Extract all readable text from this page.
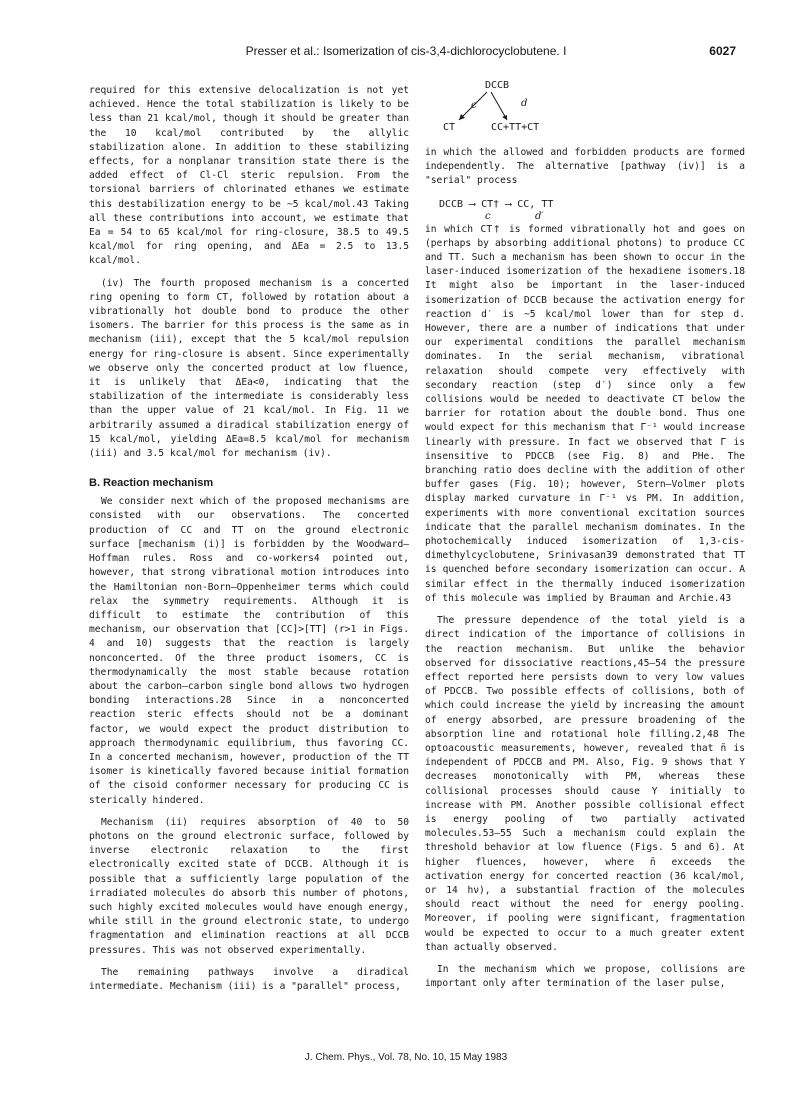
Presser et al.: Isomerization of cis-3,4-dichlorocyclobutene. I	6027

required for this extensive delocalization is not yet achieved. Hence the total stabilization is likely to be less than 21 kcal/mol, though it should be greater than the 10 kcal/mol contributed by the allylic stabilization alone. In addition to these stabilizing effects, for a nonplanar transition state there is the added effect of Cl-Cl steric repulsion. From the torsional barriers of chlorinated ethanes we estimate this destabilization energy to be ~5 kcal/mol.43 Taking all these contributions into account, we estimate that Ea = 54 to 65 kcal/mol for ring-closure, 38.5 to 49.5 kcal/mol for ring opening, and ΔEa = 2.5 to 13.5 kcal/mol.

(iv) The fourth proposed mechanism is a concerted ring opening to form CT, followed by rotation about a vibrationally hot double bond to produce the other isomers. The barrier for this process is the same as in mechanism (iii), except that the 5 kcal/mol repulsion energy for ring-closure is absent. Since experimentally we observe only the concerted product at low fluence, it is unlikely that ΔEa<0, indicating that the stabilization of the intermediate is considerably less than the upper value of 21 kcal/mol. In Fig. 11 we arbitrarily assumed a diradical stabilization energy of 15 kcal/mol, yielding ΔEa=8.5 kcal/mol for mechanism (iii) and 3.5 kcal/mol for mechanism (iv).

B. Reaction mechanism

We consider next which of the proposed mechanisms are consisted with our observations. The concerted production of CC and TT on the ground electronic surface [mechanism (i)] is forbidden by the Woodward–Hoffman rules. Ross and co-workers4 pointed out, however, that strong vibrational motion introduces into the Hamiltonian non-Born–Oppenheimer terms which could relax the symmetry requirements. Although it is difficult to estimate the contribution of this mechanism, our observation that [CC]>[TT] (r>1 in Figs. 4 and 10) suggests that the reaction is largely nonconcerted. Of the three product isomers, CC is thermodynamically the most stable because rotation about the carbon–carbon single bond allows two hydrogen bonding interactions.28 Since in a nonconcerted reaction steric effects should not be a dominant factor, we would expect the product distribution to approach thermodynamic equilibrium, thus favoring CC. In a concerted mechanism, however, production of the TT isomer is kinetically favored because initial formation of the cisoid conformer necessary for producing CC is sterically hindered.

Mechanism (ii) requires absorption of 40 to 50 photons on the ground electronic surface, followed by inverse electronic relaxation to the first electronically excited state of DCCB. Although it is possible that a sufficiently large population of the irradiated molecules do absorb this number of photons, such highly excited molecules would have enough energy, while still in the ground electronic state, to undergo fragmentation and elimination reactions at all DCCB pressures. This was not observed experimentally.

The remaining pathways involve a diradical intermediate. Mechanism (iii) is a "parallel" process,

DCCB
c	d
CT	CC+TT+CT

in which the allowed and forbidden products are formed independently. The alternative [pathway (iv)] is a "serial" process

DCCB ⟶ CT† ⟶ CC, TT
c	d′

in which CT† is formed vibrationally hot and goes on (perhaps by absorbing additional photons) to produce CC and TT. Such a mechanism has been shown to occur in the laser-induced isomerization of the hexadiene isomers.18 It might also be important in the laser-induced isomerization of DCCB because the activation energy for reaction d′ is ~5 kcal/mol lower than for step d. However, there are a number of indications that under our experimental conditions the parallel mechanism dominates. In the serial mechanism, vibrational relaxation should compete very effectively with secondary reaction (step d′) since only a few collisions would be needed to deactivate CT below the barrier for rotation about the double bond. Thus one would expect for this mechanism that Γ⁻¹ would increase linearly with pressure. In fact we observed that Γ is insensitive to PDCCB (see Fig. 8) and PHe. The branching ratio does decline with the addition of other buffer gases (Fig. 10); however, Stern–Volmer plots display marked curvature in Γ⁻¹ vs PM. In addition, experiments with more conventional excitation sources indicate that the parallel mechanism dominates. In the photochemically induced isomerization of 1,3-cis-dimethylcyclobutene, Srinivasan39 demonstrated that TT is quenched before secondary isomerization can occur. A similar effect in the thermally induced isomerization of this molecule was implied by Brauman and Archie.43

The pressure dependence of the total yield is a direct indication of the importance of collisions in the reaction mechanism. But unlike the behavior observed for dissociative reactions,45–54 the pressure effect reported here persists down to very low values of PDCCB. Two possible effects of collisions, both of which could increase the yield by increasing the amount of energy absorbed, are pressure broadening of the absorption line and rotational hole filling.2,48 The optoacoustic measurements, however, revealed that n̄ is independent of PDCCB and PM. Also, Fig. 9 shows that Y decreases monotonically with PM, whereas these collisional processes should cause Y initially to increase with PM. Another possible collisional effect is energy pooling of two partially activated molecules.53–55 Such a mechanism could explain the threshold behavior at low fluence (Figs. 5 and 6). At higher fluences, however, where n̄ exceeds the activation energy for concerted reaction (36 kcal/mol, or 14 hν), a substantial fraction of the molecules should react without the need for energy pooling. Moreover, if pooling were significant, fragmentation would be expected to occur to a much greater extent than actually observed.

In the mechanism which we propose, collisions are important only after termination of the laser pulse,

J. Chem. Phys., Vol. 78, No. 10, 15 May 1983
